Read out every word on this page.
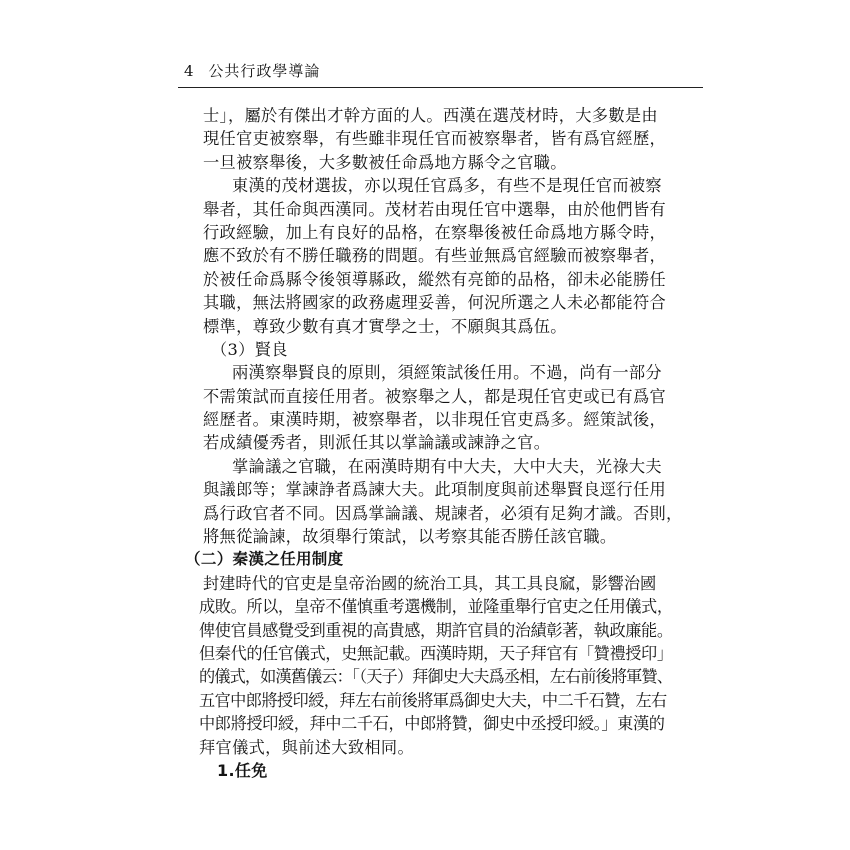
4 公共行政學導論
士」，屬於有傑出才幹方面的人。西漢在選茂材時，大多數是由
現任官吏被察舉，有些雖非現任官而被察舉者，皆有爲官經歷，
一旦被察舉後，大多數被任命爲地方縣令之官職。
東漢的茂材選拔，亦以現任官爲多，有些不是現任官而被察
舉者，其任命與西漢同。茂材若由現任官中選舉，由於他們皆有
行政經驗，加上有良好的品格，在察舉後被任命爲地方縣令時，
應不致於有不勝任職務的問題。有些並無爲官經驗而被察舉者，
於被任命爲縣令後領導縣政，縱然有亮節的品格，卻未必能勝任
其職，無法將國家的政務處理妥善，何況所選之人未必都能符合
標準，尊致少數有真才實學之士，不願與其爲伍。
（3）賢良
兩漢察舉賢良的原則，須經策試後任用。不過，尚有一部分
不需策試而直接任用者。被察舉之人，都是現任官吏或已有爲官
經歷者。東漢時期，被察舉者，以非現任官吏爲多。經策試後，
若成績優秀者，則派任其以掌論議或諫諍之官。
掌論議之官職，在兩漢時期有中大夫，大中大夫，光祿大夫
與議郎等；掌諫諍者爲諫大夫。此項制度與前述舉賢良逕行任用
爲行政官者不同。因爲掌論議、規諫者，必須有足夠才識。否則，
將無從論諫，故須舉行策試，以考察其能否勝任該官職。
（二）秦漢之任用制度
封建時代的官吏是皇帝治國的統治工具，其工具良窳，影響治國
成敗。所以，皇帝不僅慎重考選機制，並隆重舉行官吏之任用儀式，
俾使官員感覺受到重視的高貴感，期許官員的治績彰著，執政廉能。
但秦代的任官儀式，史無記載。西漢時期，天子拜官有「贊禮授印」
的儀式，如漢舊儀云：「（天子）拜御史大夫爲丞相，左右前後將軍贊、
五官中郎將授印綬，拜左右前後將軍爲御史大夫，中二千石贊，左右
中郎將授印綬，拜中二千石，中郎將贊，御史中丞授印綬。」東漢的
拜官儀式，與前述大致相同。
1.任免
